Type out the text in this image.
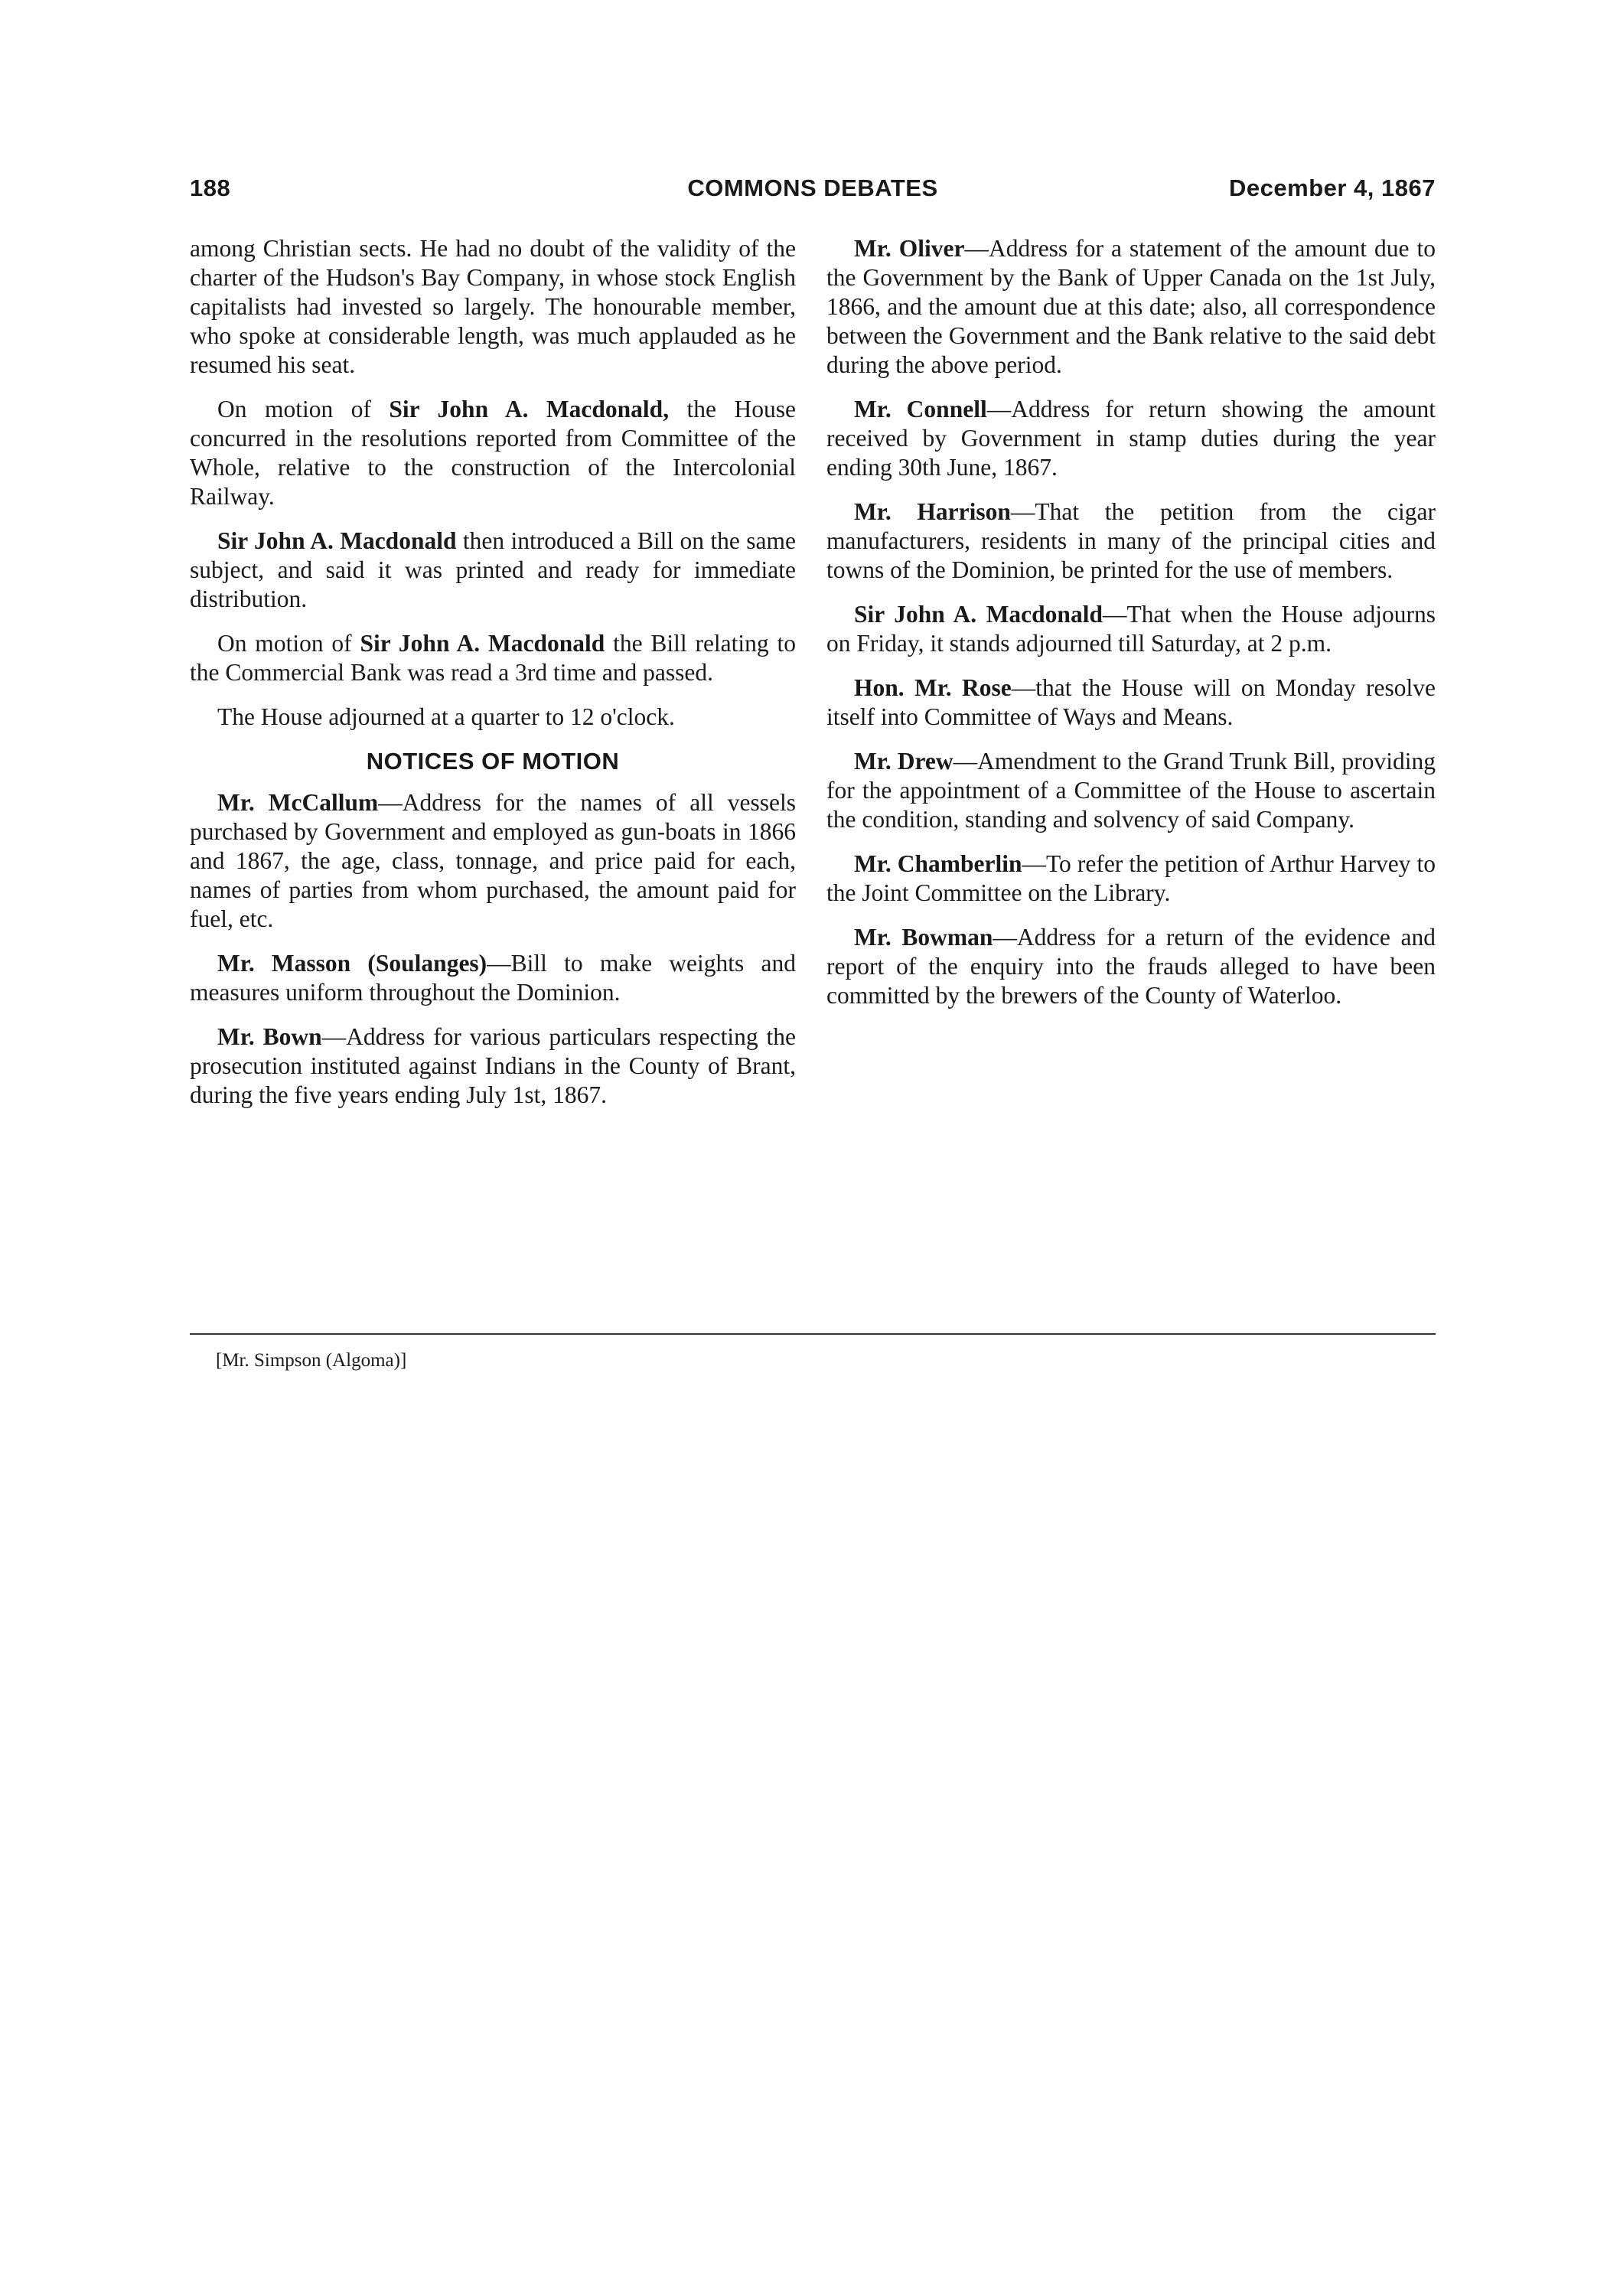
188	COMMONS DEBATES	December 4, 1867

among Christian sects. He had no doubt of the validity of the charter of the Hudson's Bay Company, in whose stock English capitalists had invested so largely. The honourable member, who spoke at considerable length, was much applauded as he resumed his seat.

On motion of Sir John A. Macdonald, the House concurred in the resolutions reported from Committee of the Whole, relative to the construction of the Intercolonial Railway.

Sir John A. Macdonald then introduced a Bill on the same subject, and said it was printed and ready for immediate distribution.

On motion of Sir John A. Macdonald the Bill relating to the Commercial Bank was read a 3rd time and passed.

The House adjourned at a quarter to 12 o'clock.

NOTICES OF MOTION

Mr. McCallum—Address for the names of all vessels purchased by Government and employed as gun-boats in 1866 and 1867, the age, class, tonnage, and price paid for each, names of parties from whom purchased, the amount paid for fuel, etc.

Mr. Masson (Soulanges)—Bill to make weights and measures uniform throughout the Dominion.

Mr. Bown—Address for various particulars respecting the prosecution instituted against Indians in the County of Brant, during the five years ending July 1st, 1867.

Mr. Oliver—Address for a statement of the amount due to the Government by the Bank of Upper Canada on the 1st July, 1866, and the amount due at this date; also, all correspondence between the Government and the Bank relative to the said debt during the above period.

Mr. Connell—Address for return showing the amount received by Government in stamp duties during the year ending 30th June, 1867.

Mr. Harrison—That the petition from the cigar manufacturers, residents in many of the principal cities and towns of the Dominion, be printed for the use of members.

Sir John A. Macdonald—That when the House adjourns on Friday, it stands adjourned till Saturday, at 2 p.m.

Hon. Mr. Rose—that the House will on Monday resolve itself into Committee of Ways and Means.

Mr. Drew—Amendment to the Grand Trunk Bill, providing for the appointment of a Committee of the House to ascertain the condition, standing and solvency of said Company.

Mr. Chamberlin—To refer the petition of Arthur Harvey to the Joint Committee on the Library.

Mr. Bowman—Address for a return of the evidence and report of the enquiry into the frauds alleged to have been committed by the brewers of the County of Waterloo.

[Mr. Simpson (Algoma)]
